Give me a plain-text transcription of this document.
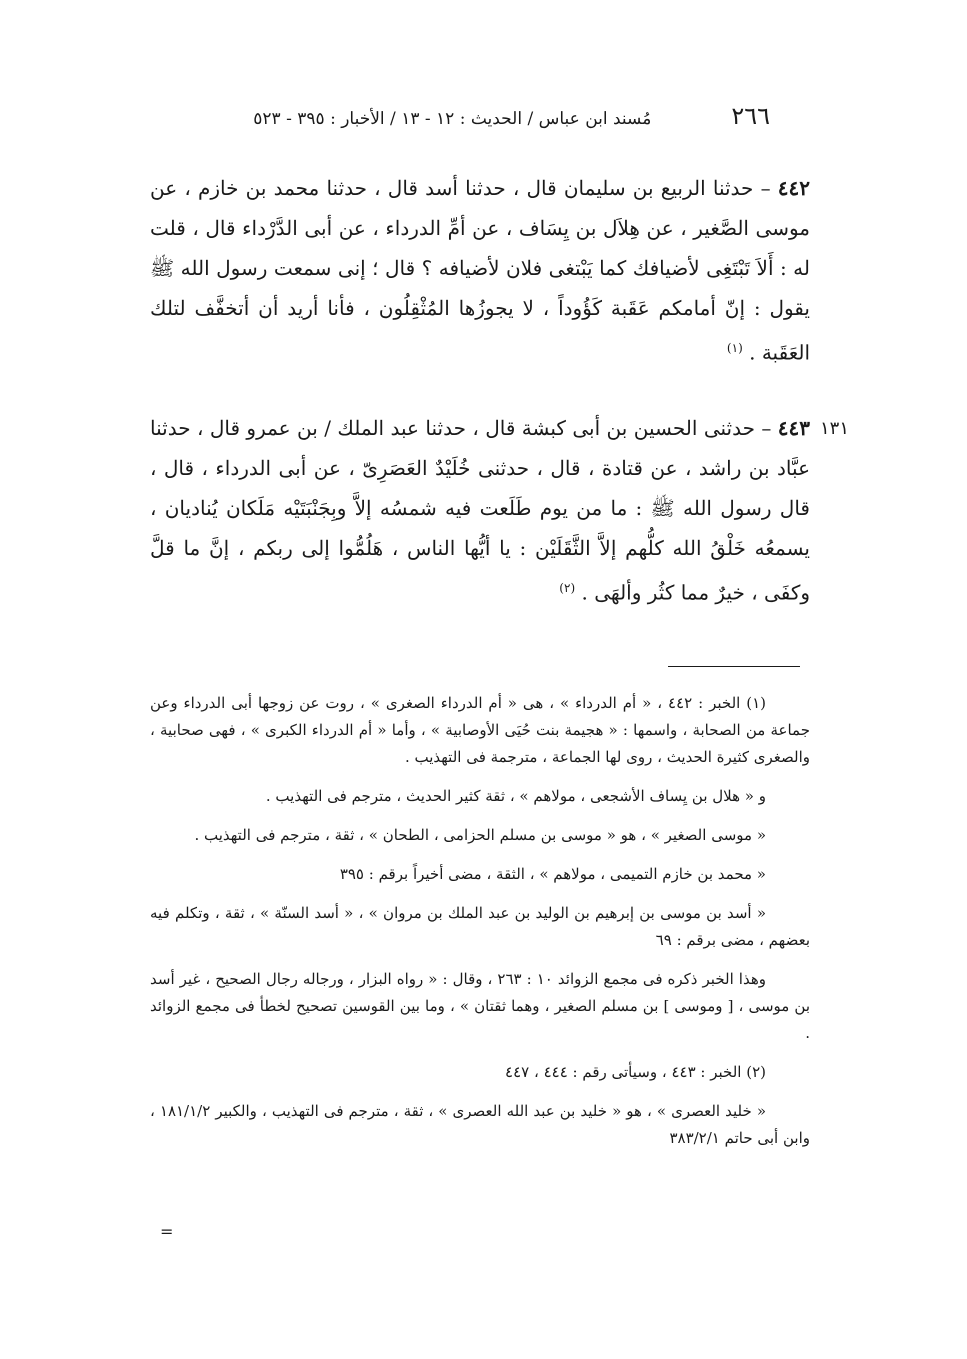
٢٦٦
مُسند ابن عباس / الحديث : ١٢ - ١٣ / الأخبار : ٣٩٥ - ٥٢٣
٤٤٢ – حدثنا الربيع بن سليمان قال ، حدثنا أسد قال ، حدثنا محمد بن خازم ، عن موسى الصَّغير ، عن هِلاَل بن يِسَاف ، عن أمِّ الدرداء ، عن أبى الدَّرْداء قال ، قلت له : أَلاَ تَبْتَغِى لأضيافك كما يَبْتغى فلان لأضيافه ؟ قال ؛ إنى سمعت رسول الله ﷺ يقول : إنّ أمامكم عَقَبة كَؤُوداً ، لا يجوزُها المُثْقِلُون ، فأنا أريد أن أتخفَّف لتلك العَقَبة . $^{(١)}$
٤٤٣ – حدثنى الحسين بن أبى كبشة قال ، حدثنا عبد الملك / بن عمرو قال ، حدثنا عبَّاد بن راشد ، عن قتادة ، قال ، حدثنى خُلَيْدٌ العَصَرِىّ ، عن أبى الدرداء ، قال ، قال رسول الله ﷺ : ما من يوم طَلَعت فيه شمسُه إلاَّ وبِجَنْبَتَيْه مَلَكان يُناديان ، يسمعُه خَلْقُ الله كلُّهم إلاَّ الثَّقَلَيْن : يا أيُّها الناس ، هَلُمُّوا إلى ربكم ، إنَّ ما قلَّ وكفَى ، خيرٌ مما كثُر وألهَى . $^{(٢)}$
١٣١

(١) الخبر : ٤٤٢ ، « أم الدرداء » ، هى « أم الدرداء الصغرى » ، روت عن زوجها أبى الدرداء وعن جماعة من الصحابة ، واسمها : « هجيمة بنت حُيَى الأوصابية » ، وأما « أم الدرداء الكبرى » ، فهى صحابية ، والصغرى كثيرة الحديث ، روى لها الجماعة ، مترجمة فى التهذيب .

و « هلال بن يِساف الأشجعى ، مولاهم » ، ثقة كثير الحديث ، مترجم فى التهذيب .

« موسى الصغير » ، هو « موسى بن مسلم الحزامى ، الطحان » ، ثقة ، مترجم فى التهذيب .

« محمد بن خازم التميمى ، مولاهم » ، الثقة ، مضى أخيراً برقم : ٣٩٥

« أسد بن موسى بن إبرهيم بن الوليد بن عبد الملك بن مروان » ، « أسد السنّة » ، ثقة ، وتكلم فيه بعضهم ، مضى برقم : ٦٩

وهذا الخبر ذكره فى مجمع الزوائد ١٠ : ٢٦٣ ، وقال : « رواه البزار ، ورجاله رجال الصحيح ، غير أسد بن موسى ، [ وموسى ] بن مسلم الصغير ، وهما ثقتان » ، وما بين القوسين تصحيح لخطأ فى مجمع الزوائد .

(٢) الخبر : ٤٤٣ ، وسيأتى رقم : ٤٤٤ ، ٤٤٧

« خليد العصرى » ، هو « خليد بن عبد الله العصرى » ، ثقة ، مترجم فى التهذيب ، والكبير ١٨١/١/٢ ، وابن أبى حاتم ٣٨٣/٢/١

=
